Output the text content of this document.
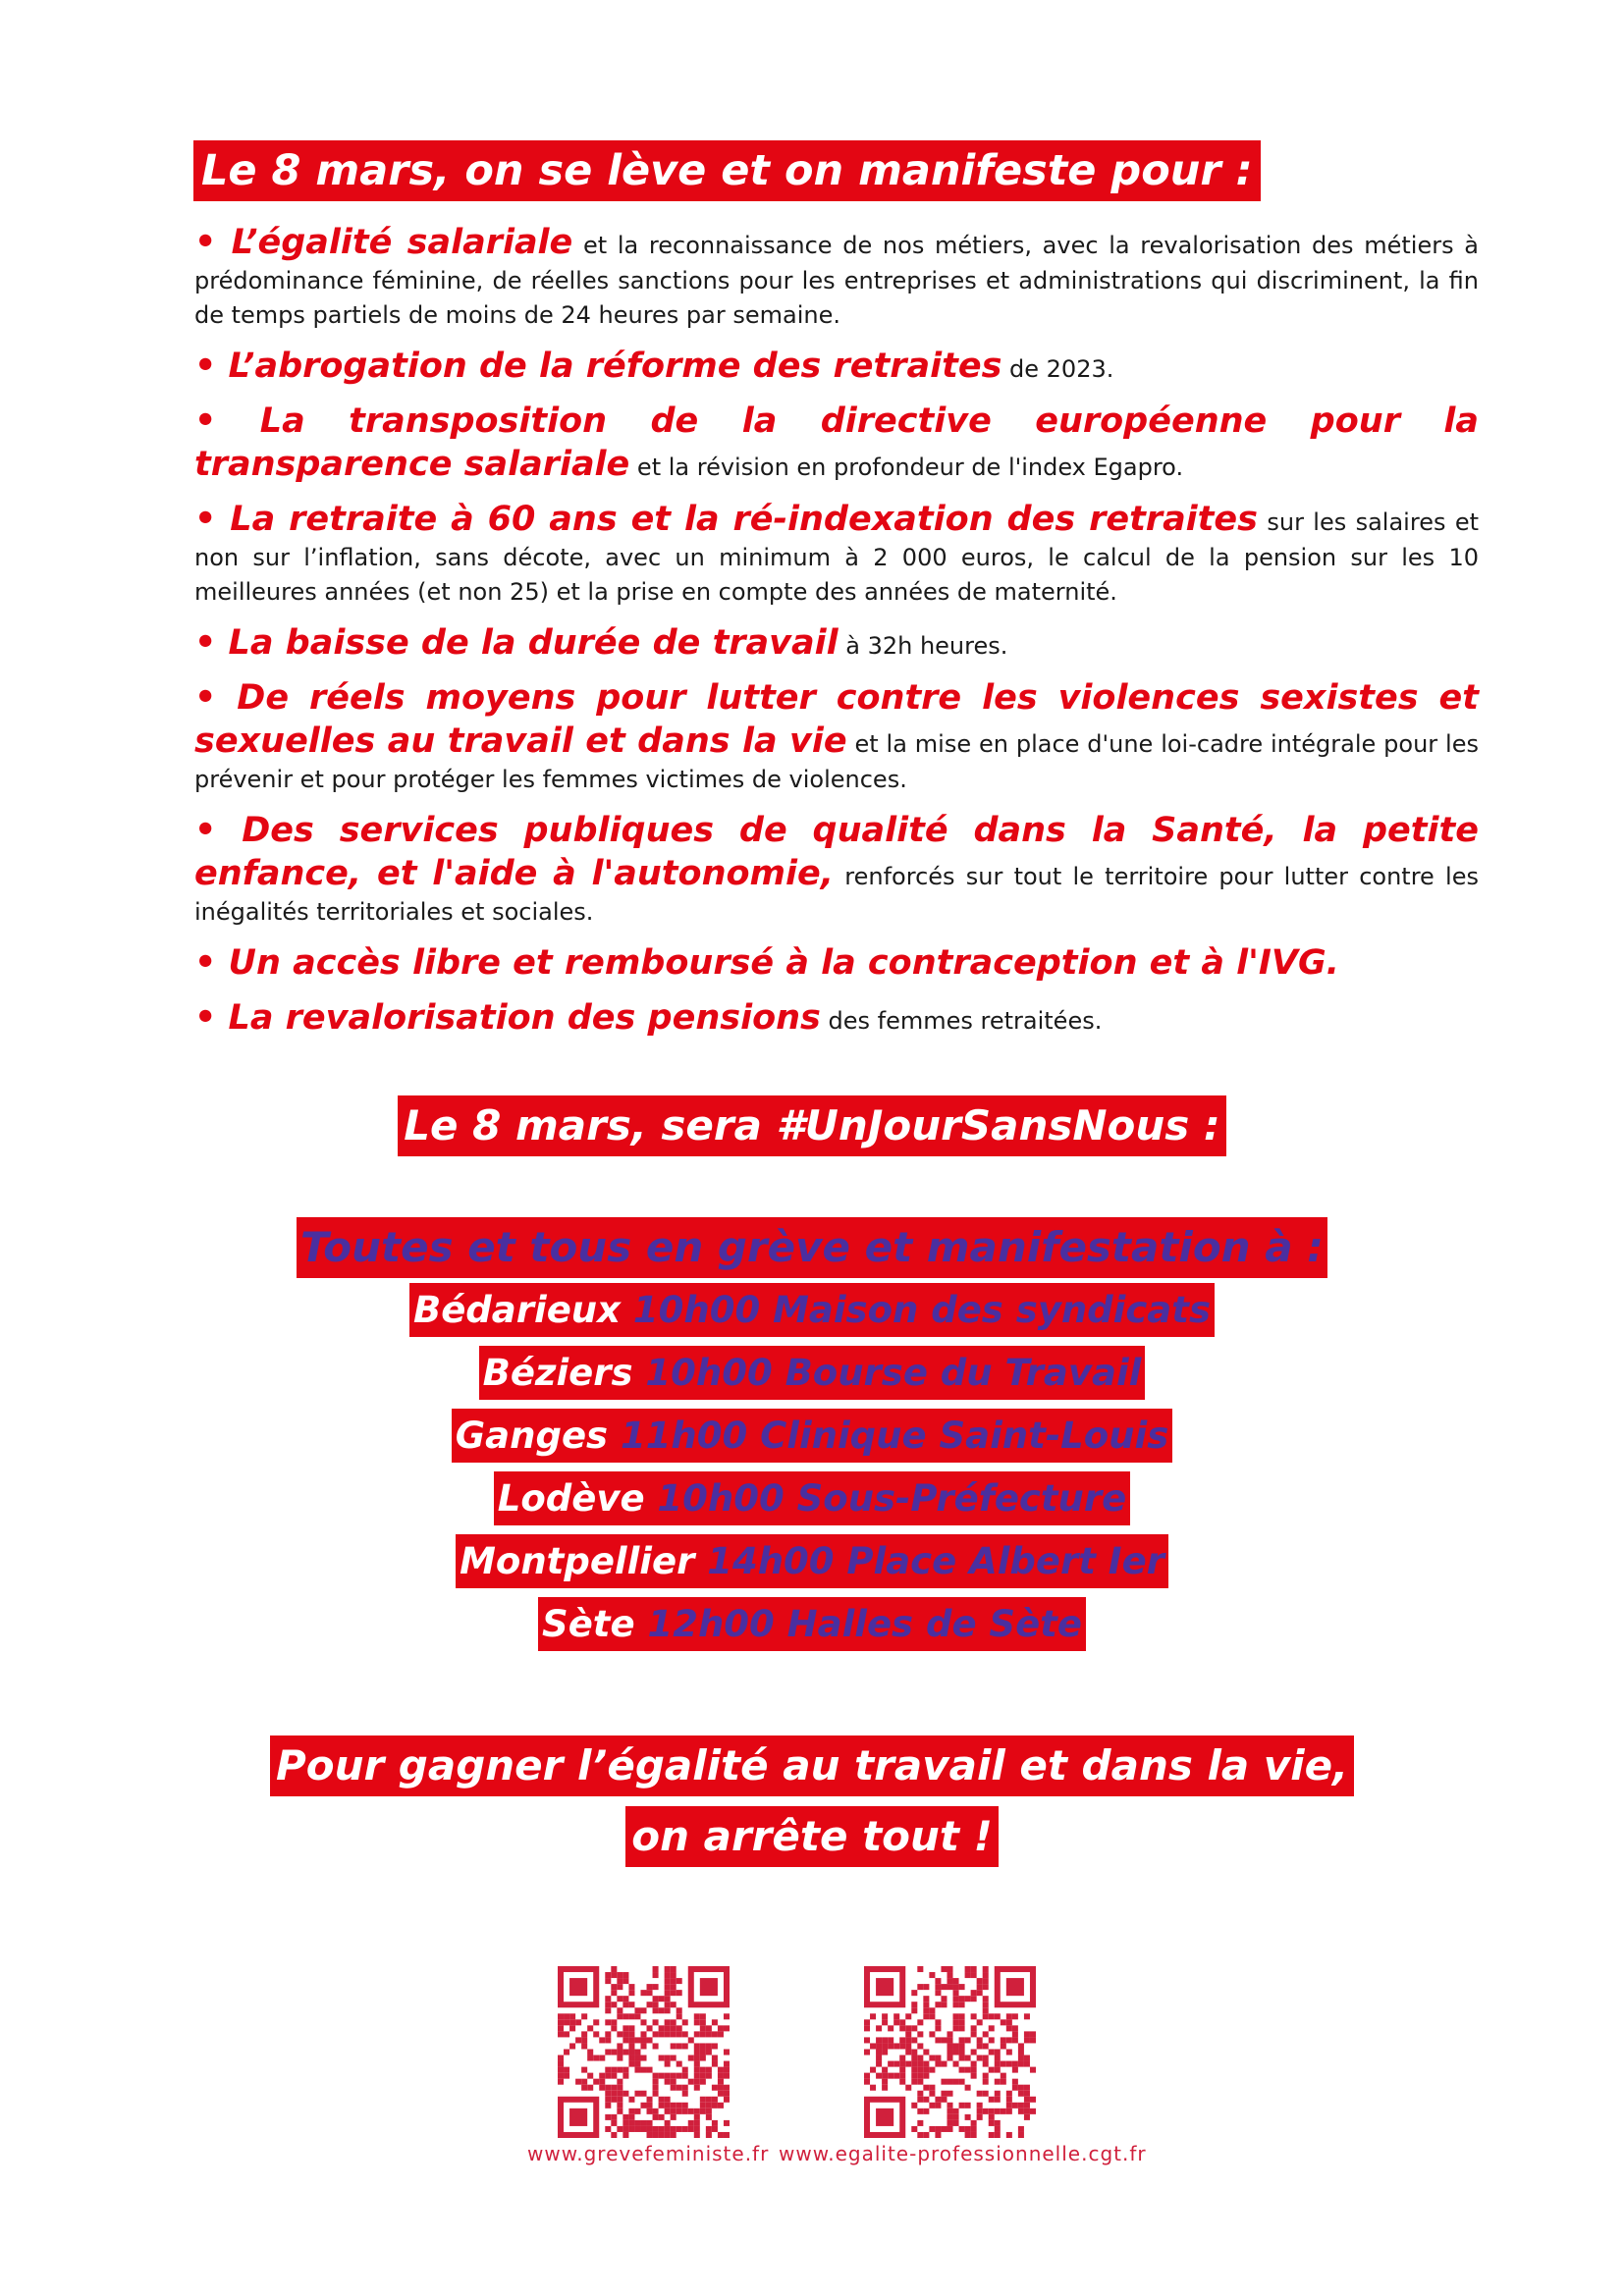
Le 8 mars, on se lève et on manifeste pour :

• L’égalité salariale et la reconnaissance de nos métiers, avec la revalorisation des métiers à prédominance féminine, de réelles sanctions pour les entreprises et administrations qui discriminent, la fin de temps partiels de moins de 24 heures par semaine.

• L’abrogation de la réforme des retraites de 2023.

• La transposition de la directive européenne pour la transparence salariale et la révision en profondeur de l'index Egapro.

• La retraite à 60 ans et la ré-indexation des retraites sur les salaires et non sur l’inflation, sans décote, avec un minimum à 2 000 euros, le calcul de la pension sur les 10 meilleures années (et non 25) et la prise en compte des années de maternité.

• La baisse de la durée de travail à 32h heures.

• De réels moyens pour lutter contre les violences sexistes et sexuelles au travail et dans la vie et la mise en place d'une loi-cadre intégrale pour les prévenir et pour protéger les femmes victimes de violences.

• Des services publiques de qualité dans la Santé, la petite enfance, et l'aide à l'autonomie, renforcés sur tout le territoire pour lutter contre les inégalités territoriales et sociales.

• Un accès libre et remboursé à la contraception et à l'IVG.

• La revalorisation des pensions des femmes retraitées.

Le 8 mars, sera #UnJourSansNous :
Toutes et tous en grève et manifestation à :
Bédarieux 10h00 Maison des syndicats
Béziers 10h00 Bourse du Travail
Ganges 11h00 Clinique Saint-Louis
Lodève 10h00 Sous-Préfecture
Montpellier 14h00 Place Albert Ier
Sète 12h00 Halles de Sète
Pour gagner l’égalité au travail et dans la vie,
on arrête tout !
www.grevefeministe.fr www.egalite-professionnelle.cgt.fr
